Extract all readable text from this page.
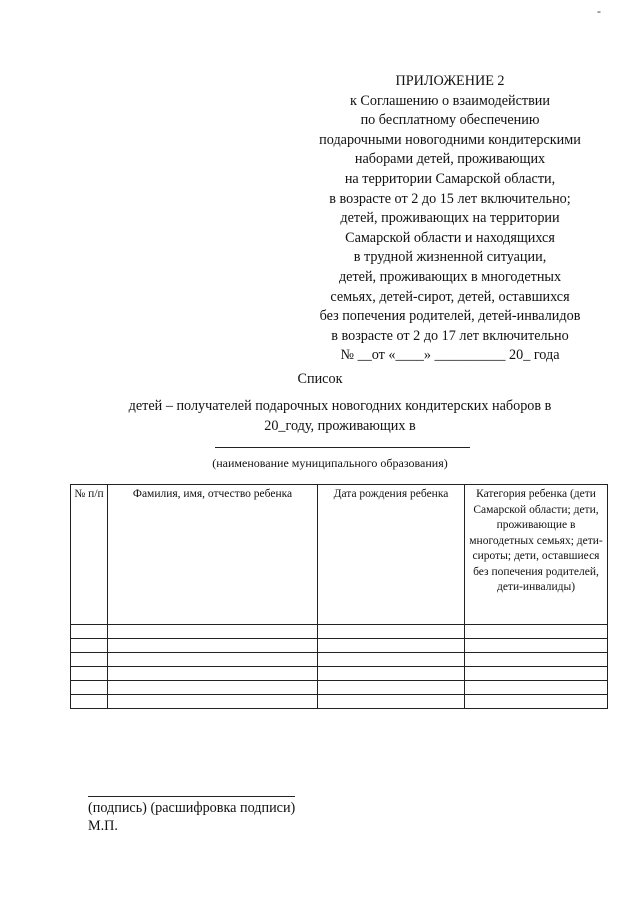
-
ПРИЛОЖЕНИЕ 2
к Соглашению о взаимодействии
по бесплатному обеспечению
подарочными новогодними кондитерскими
наборами детей, проживающих
на территории Самарской области,
в возрасте от 2 до 15 лет включительно;
детей, проживающих на территории
Самарской области и находящихся
в трудной жизненной ситуации,
детей, проживающих в многодетных
семьях, детей-сирот, детей, оставшихся
без попечения родителей, детей-инвалидов
в возрасте от 2 до 17 лет включительно
№ __от «____» __________ 20_ года
Список
детей – получателей подарочных новогодних кондитерских наборов в
20_году, проживающих в
(наименование муниципального образования)
№ п/п	Фамилия, имя, отчество ребенка	Дата рождения ребенка	Категория ребенка (дети Самарской области; дети, проживающие в многодетных семьях; дети-сироты; дети, оставшиеся без попечения родителей, дети-инвалиды)

(подпись) (расшифровка подписи)
М.П.
